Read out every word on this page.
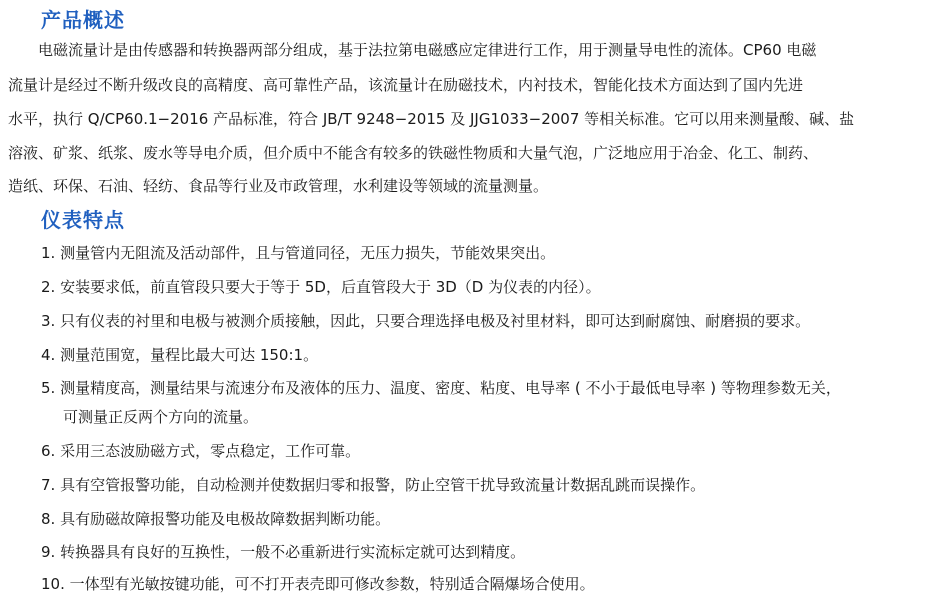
产品概述
电磁流量计是由传感器和转换器两部分组成，基于法拉第电磁感应定律进行工作，用于测量导电性的流体。CP60 电磁
流量计是经过不断升级改良的高精度、高可靠性产品，该流量计在励磁技术，内衬技术，智能化技术方面达到了国内先进
水平，执行 Q/CP60.1−2016 产品标准，符合 JB/T 9248−2015 及 JJG1033−2007 等相关标准。它可以用来测量酸、碱、盐
溶液、矿浆、纸浆、废水等导电介质，但介质中不能含有较多的铁磁性物质和大量气泡，广泛地应用于冶金、化工、制药、
造纸、环保、石油、轻纺、食品等行业及市政管理，水利建设等领域的流量测量。
仪表特点
1. 测量管内无阻流及活动部件，且与管道同径，无压力损失，节能效果突出。
2. 安装要求低，前直管段只要大于等于 5D，后直管段大于 3D（D 为仪表的内径）。
3. 只有仪表的衬里和电极与被测介质接触，因此，只要合理选择电极及衬里材料，即可达到耐腐蚀、耐磨损的要求。
4. 测量范围宽，量程比最大可达 150:1。
5. 测量精度高，测量结果与流速分布及液体的压力、温度、密度、粘度、电导率 ( 不小于最低电导率 ) 等物理参数无关，
可测量正反两个方向的流量。
6. 采用三态波励磁方式，零点稳定，工作可靠。
7. 具有空管报警功能，自动检测并使数据归零和报警，防止空管干扰导致流量计数据乱跳而误操作。
8. 具有励磁故障报警功能及电极故障数据判断功能。
9. 转换器具有良好的互换性，一般不必重新进行实流标定就可达到精度。
10. 一体型有光敏按键功能，可不打开表壳即可修改参数，特别适合隔爆场合使用。
